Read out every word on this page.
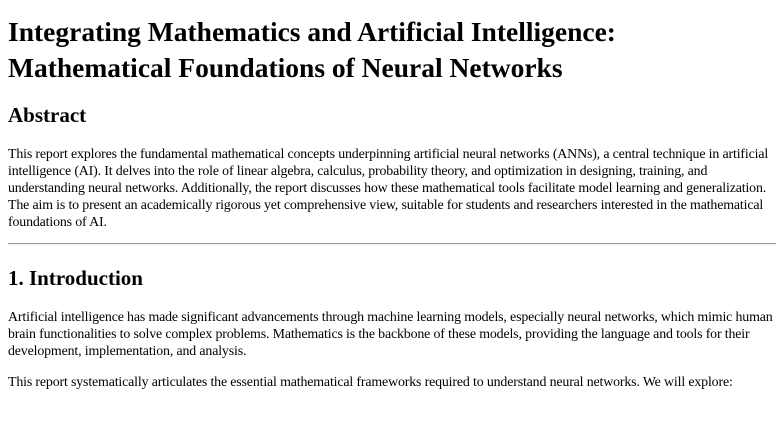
Integrating Mathematics and Artificial Intelligence:
Mathematical Foundations of Neural Networks
Abstract

This report explores the fundamental mathematical concepts underpinning artificial neural networks (ANNs), a central technique in artificial intelligence (AI). It delves into the role of linear algebra, calculus, probability theory, and optimization in designing, training, and understanding neural networks. Additionally, the report discusses how these mathematical tools facilitate model learning and generalization. The aim is to present an academically rigorous yet comprehensive view, suitable for students and researchers interested in the mathematical foundations of AI.

1. Introduction

Artificial intelligence has made significant advancements through machine learning models, especially neural networks, which mimic human brain functionalities to solve complex problems. Mathematics is the backbone of these models, providing the language and tools for their development, implementation, and analysis.

This report systematically articulates the essential mathematical frameworks required to understand neural networks. We will explore:
